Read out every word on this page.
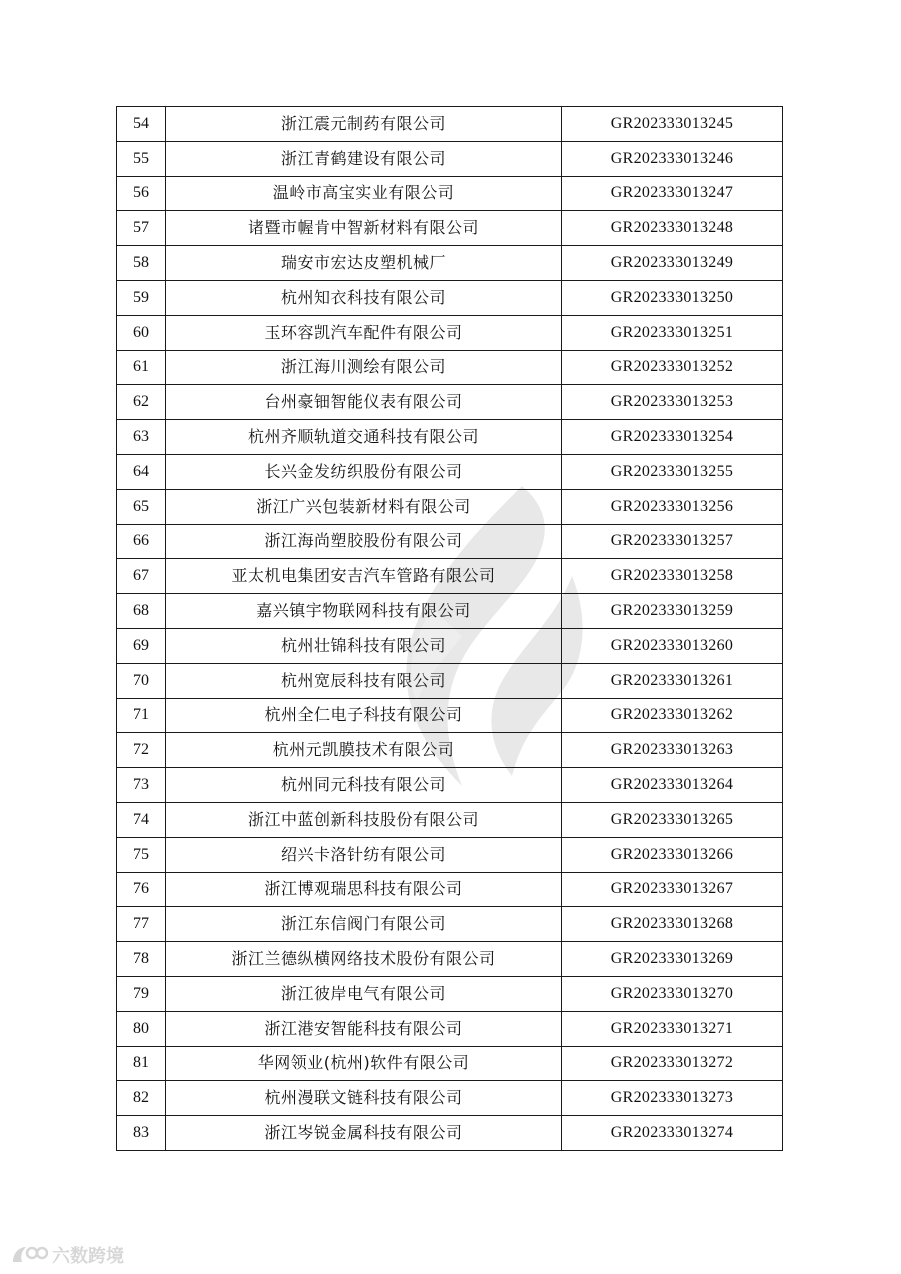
54	浙江震元制药有限公司	GR202333013245
55	浙江青鹤建设有限公司	GR202333013246
56	温岭市高宝实业有限公司	GR202333013247
57	诸暨市幄肯中智新材料有限公司	GR202333013248
58	瑞安市宏达皮塑机械厂	GR202333013249
59	杭州知衣科技有限公司	GR202333013250
60	玉环容凯汽车配件有限公司	GR202333013251
61	浙江海川测绘有限公司	GR202333013252
62	台州豪钿智能仪表有限公司	GR202333013253
63	杭州齐顺轨道交通科技有限公司	GR202333013254
64	长兴金发纺织股份有限公司	GR202333013255
65	浙江广兴包装新材料有限公司	GR202333013256
66	浙江海尚塑胶股份有限公司	GR202333013257
67	亚太机电集团安吉汽车管路有限公司	GR202333013258
68	嘉兴镇宇物联网科技有限公司	GR202333013259
69	杭州壮锦科技有限公司	GR202333013260
70	杭州宽辰科技有限公司	GR202333013261
71	杭州全仁电子科技有限公司	GR202333013262
72	杭州元凯膜技术有限公司	GR202333013263
73	杭州同元科技有限公司	GR202333013264
74	浙江中蓝创新科技股份有限公司	GR202333013265
75	绍兴卡洛针纺有限公司	GR202333013266
76	浙江博观瑞思科技有限公司	GR202333013267
77	浙江东信阀门有限公司	GR202333013268
78	浙江兰德纵横网络技术股份有限公司	GR202333013269
79	浙江彼岸电气有限公司	GR202333013270
80	浙江港安智能科技有限公司	GR202333013271
81	华网领业(杭州)软件有限公司	GR202333013272
82	杭州漫联文链科技有限公司	GR202333013273
83	浙江岑锐金属科技有限公司	GR202333013274
六数跨境
